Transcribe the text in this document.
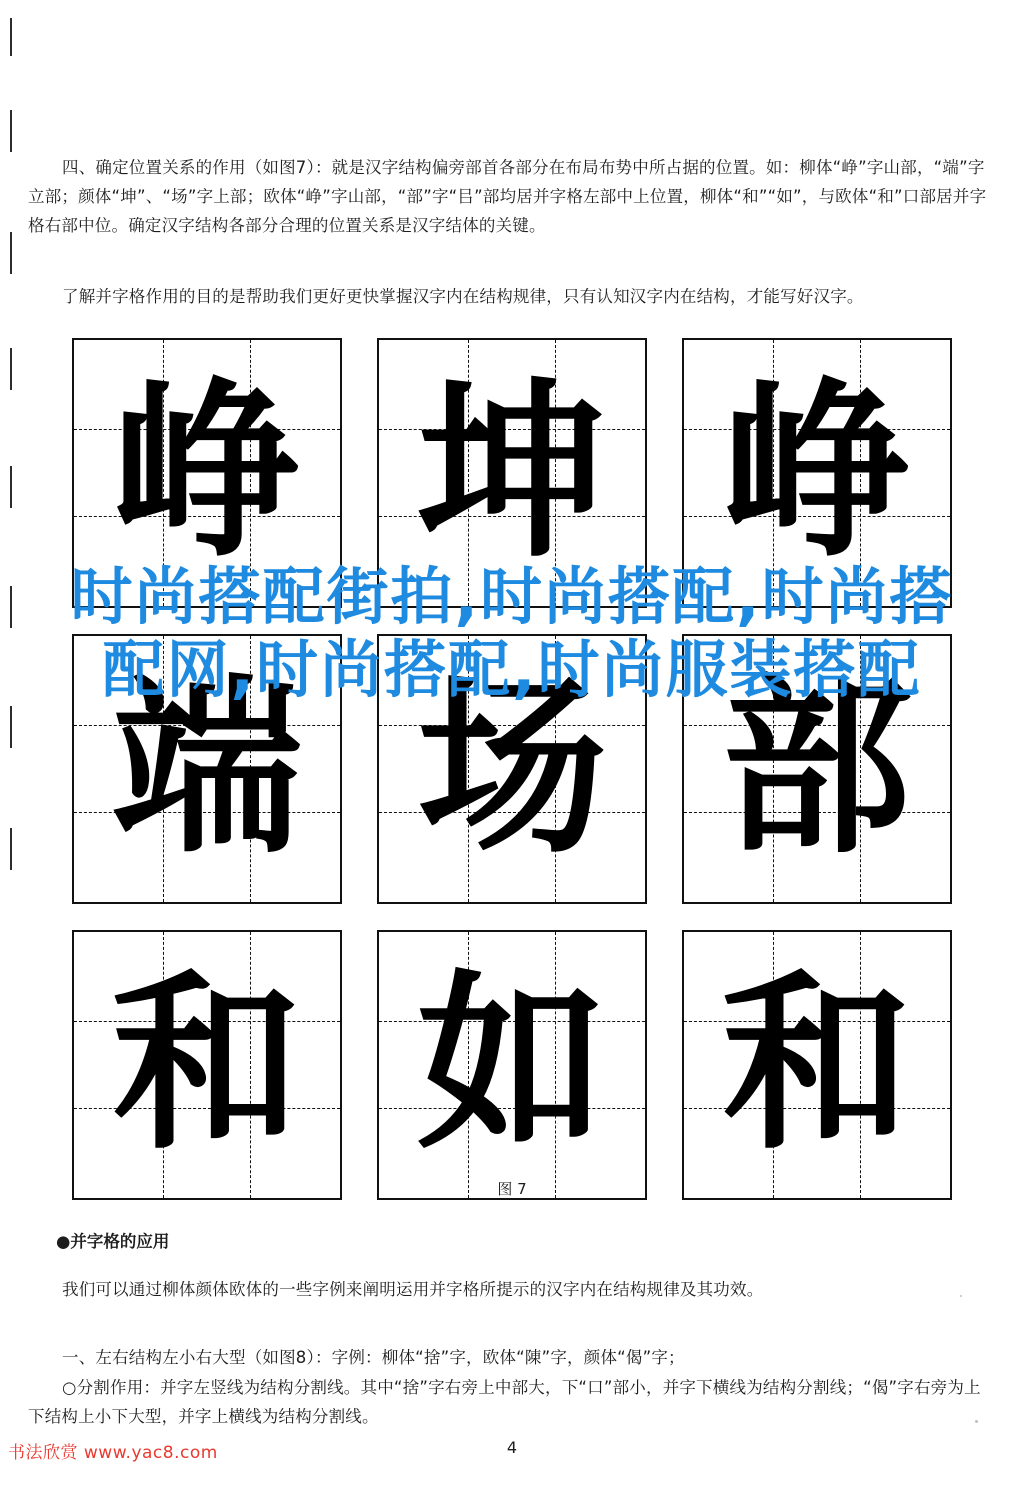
四、确定位置关系的作用（如图7）：就是汉字结构偏旁部首各部分在布局布势中所占据的位置。如：柳体“峥”字山部，“端”字立部；颜体“坤”、“场”字上部；欧体“峥”字山部，“部”字“㠯”部均居并字格左部中上位置，柳体“和”“如”，与欧体“和”口部居并字格右部中位。确定汉字结构各部分合理的位置关系是汉字结体的关键。

了解并字格作用的目的是帮助我们更好更快掌握汉字内在结构规律，只有认知汉字内在结构，才能写好汉字。

峥 坤 峥
端 场 部
和 如 和
图 7
●并字格的应用

我们可以通过柳体颜体欧体的一些字例来阐明运用并字格所提示的汉字内在结构规律及其功效。

一、左右结构左小右大型（如图8）：字例：柳体“捨”字，欧体“陳”字，颜体“偈”字；

○分割作用：并字左竖线为结构分割线。其中“捨”字右旁上中部大，下“口”部小，并字下横线为结构分割线；“偈”字右旁为上下结构上小下大型，并字上横线为结构分割线。

4
书法欣赏 www.yac8.com
时尚搭配街拍,时尚搭配,时尚搭配网,时尚搭配,时尚服装搭配
